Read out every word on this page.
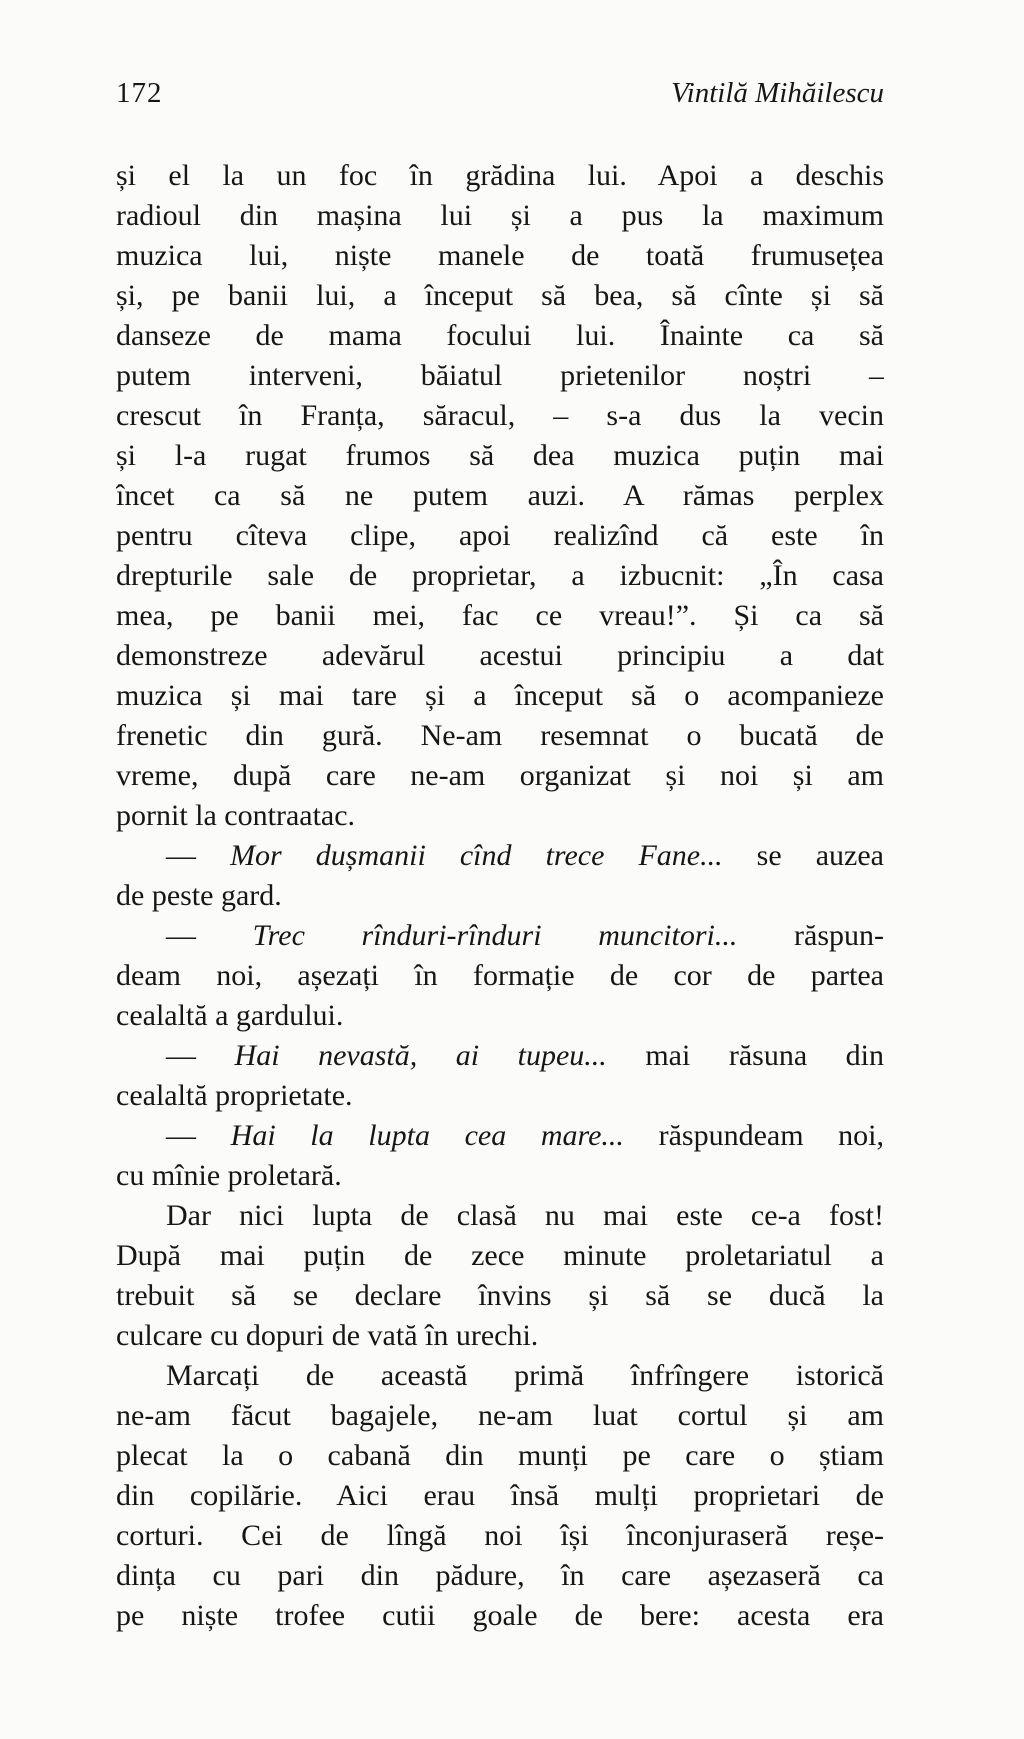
172	Vintilă Mihăilescu
și el la un foc în grădina lui. Apoi a deschis
radioul din mașina lui și a pus la maximum
muzica lui, niște manele de toată frumusețea
și, pe banii lui, a început să bea, să cînte și să
danseze de mama focului lui. Înainte ca să
putem interveni, băiatul prietenilor noștri –
crescut în Franța, săracul, – s-a dus la vecin
și l-a rugat frumos să dea muzica puțin mai
încet ca să ne putem auzi. A rămas perplex
pentru cîteva clipe, apoi realizînd că este în
drepturile sale de proprietar, a izbucnit: „În casa
mea, pe banii mei, fac ce vreau!”. Și ca să
demonstreze adevărul acestui principiu a dat
muzica și mai tare și a început să o acompanieze
frenetic din gură. Ne-am resemnat o bucată de
vreme, după care ne-am organizat și noi și am
pornit la contraatac.
— Mor dușmanii cînd trece Fane... se auzea
de peste gard.
— Trec rînduri-rînduri muncitori... răspun-
deam noi, așezați în formație de cor de partea
cealaltă a gardului.
— Hai nevastă, ai tupeu... mai răsuna din
cealaltă proprietate.
— Hai la lupta cea mare... răspundeam noi,
cu mînie proletară.
Dar nici lupta de clasă nu mai este ce-a fost!
După mai puțin de zece minute proletariatul a
trebuit să se declare învins și să se ducă la
culcare cu dopuri de vată în urechi.
Marcați de această primă înfrîngere istorică
ne-am făcut bagajele, ne-am luat cortul și am
plecat la o cabană din munți pe care o știam
din copilărie. Aici erau însă mulți proprietari de
corturi. Cei de lîngă noi își înconjuraseră reșe-
dința cu pari din pădure, în care așezaseră ca
pe niște trofee cutii goale de bere: acesta era
